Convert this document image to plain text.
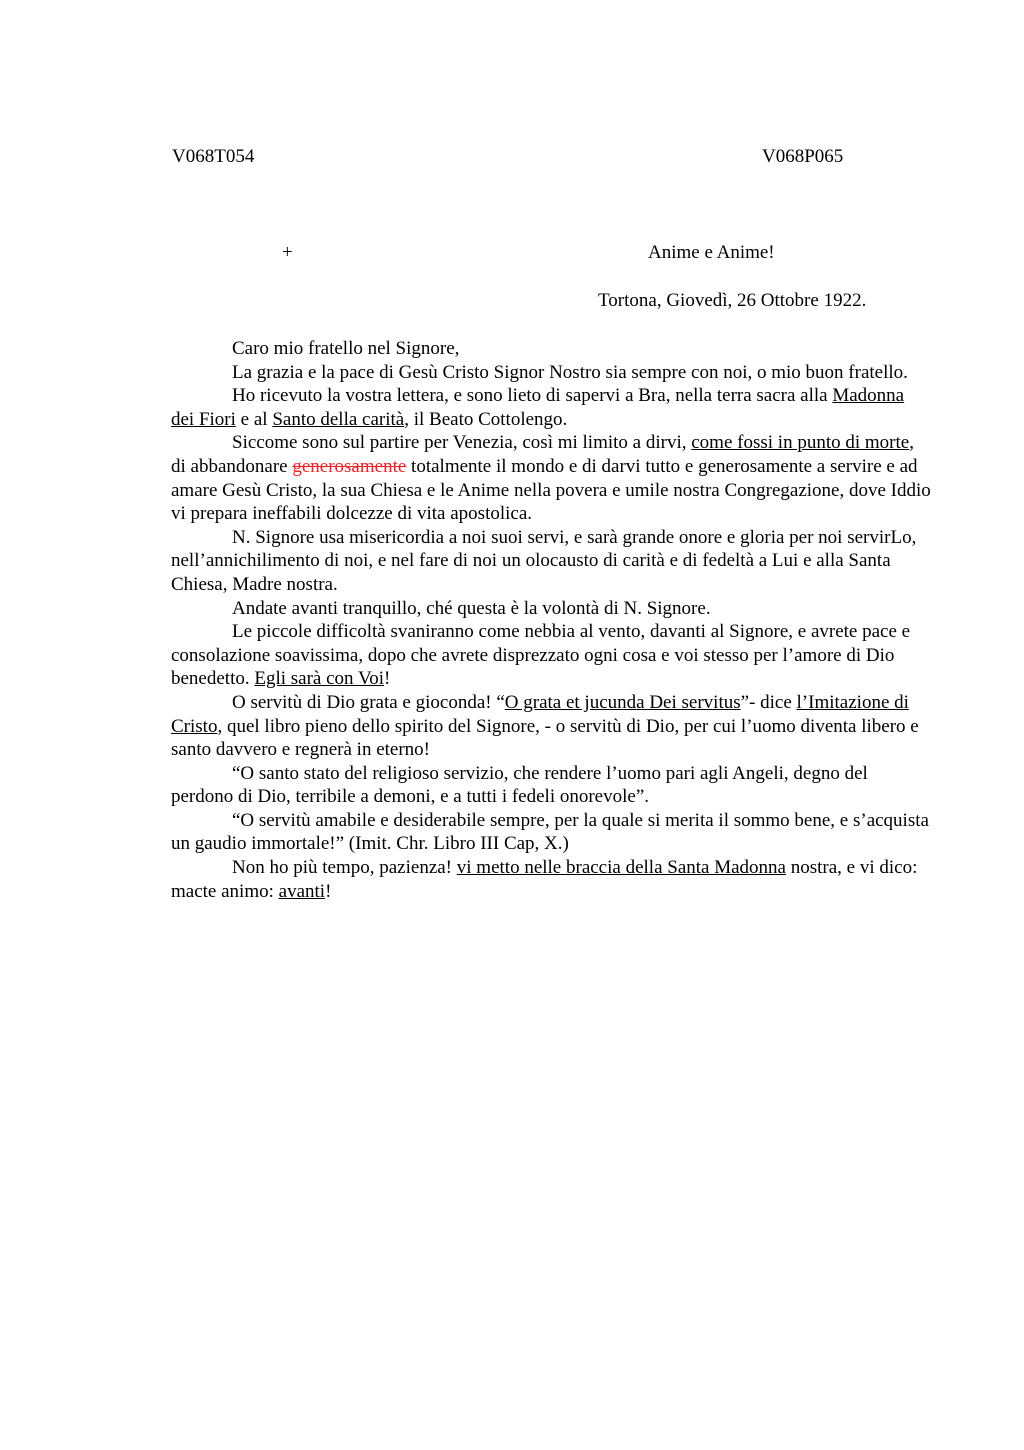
V068T054	V068P065
+	Anime e Anime!
Tortona, Giovedì, 26 Ottobre 1922.

Caro mio fratello nel Signore,

La grazia e la pace di Gesù Cristo Signor Nostro sia sempre con noi, o mio buon fratello.

Ho ricevuto la vostra lettera, e sono lieto di sapervi a Bra, nella terra sacra alla Madonna dei Fiori e al Santo della carità, il Beato Cottolengo.

Siccome sono sul partire per Venezia, così mi limito a dirvi, come fossi in punto di morte, di abbandonare generosamente totalmente il mondo e di darvi tutto e generosamente a servire e ad amare Gesù Cristo, la sua Chiesa e le Anime nella povera e umile nostra Congregazione, dove Iddio vi prepara ineffabili dolcezze di vita apostolica.

N. Signore usa misericordia a noi suoi servi, e sarà grande onore e gloria per noi servirLo, nell’annichilimento di noi, e nel fare di noi un olocausto di carità e di fedeltà a Lui e alla Santa Chiesa, Madre nostra.

Andate avanti tranquillo, ché questa è la volontà di N. Signore.

Le piccole difficoltà svaniranno come nebbia al vento, davanti al Signore, e avrete pace e consolazione soavissima, dopo che avrete disprezzato ogni cosa e voi stesso per l’amore di Dio benedetto. Egli sarà con Voi!

O servitù di Dio grata e gioconda! “O grata et jucunda Dei servitus”- dice l’Imitazione di Cristo, quel libro pieno dello spirito del Signore, - o servitù di Dio, per cui l’uomo diventa libero e santo davvero e regnerà in eterno!

“O santo stato del religioso servizio, che rendere l’uomo pari agli Angeli, degno del perdono di Dio, terribile a demoni, e a tutti i fedeli onorevole”.

“O servitù amabile e desiderabile sempre, per la quale si merita il sommo bene, e s’acquista un gaudio immortale!” (Imit. Chr. Libro III Cap, X.)

Non ho più tempo, pazienza! vi metto nelle braccia della Santa Madonna nostra, e vi dico: macte animo: avanti!
